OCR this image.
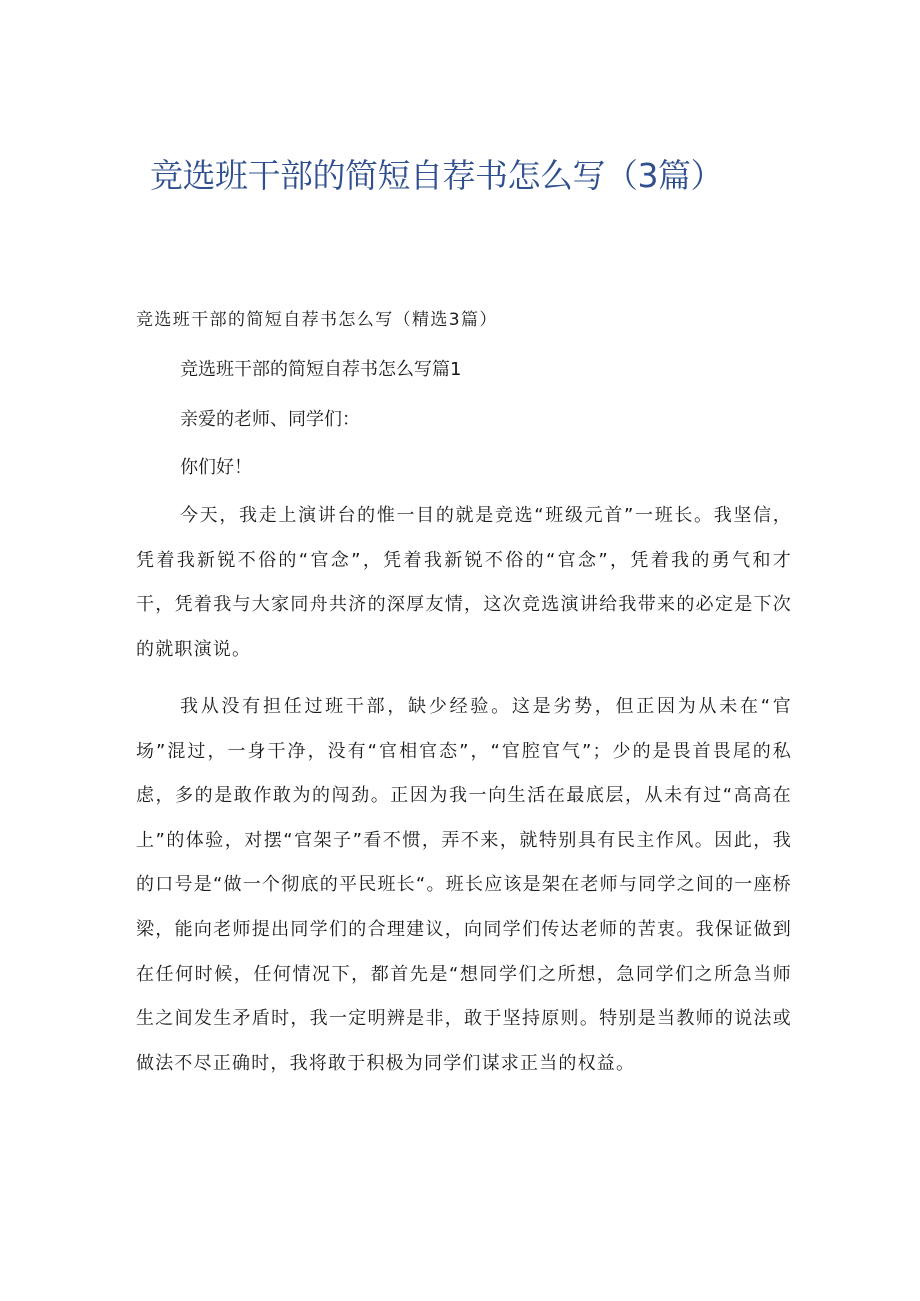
竞选班干部的简短自荐书怎么写（3篇）
竞选班干部的简短自荐书怎么写（精选3篇）
竞选班干部的简短自荐书怎么写篇1
亲爱的老师、同学们：
你们好！

今天，我走上演讲台的惟一目的就是竞选“班级元首”一班长。我坚信，凭着我新锐不俗的“官念”，凭着我新锐不俗的“官念”，凭着我的勇气和才干，凭着我与大家同舟共济的深厚友情，这次竞选演讲给我带来的必定是下次的就职演说。

我从没有担任过班干部，缺少经验。这是劣势，但正因为从未在“官场”混过，一身干净，没有“官相官态”，“官腔官气”；少的是畏首畏尾的私虑，多的是敢作敢为的闯劲。正因为我一向生活在最底层，从未有过“高高在上”的体验，对摆“官架子”看不惯，弄不来，就特别具有民主作风。因此，我的口号是“做一个彻底的平民班长“。班长应该是架在老师与同学之间的一座桥梁，能向老师提出同学们的合理建议，向同学们传达老师的苦衷。我保证做到在任何时候，任何情况下，都首先是“想同学们之所想，急同学们之所急当师生之间发生矛盾时，我一定明辨是非，敢于坚持原则。特别是当教师的说法或做法不尽正确时，我将敢于积极为同学们谋求正当的权益。
